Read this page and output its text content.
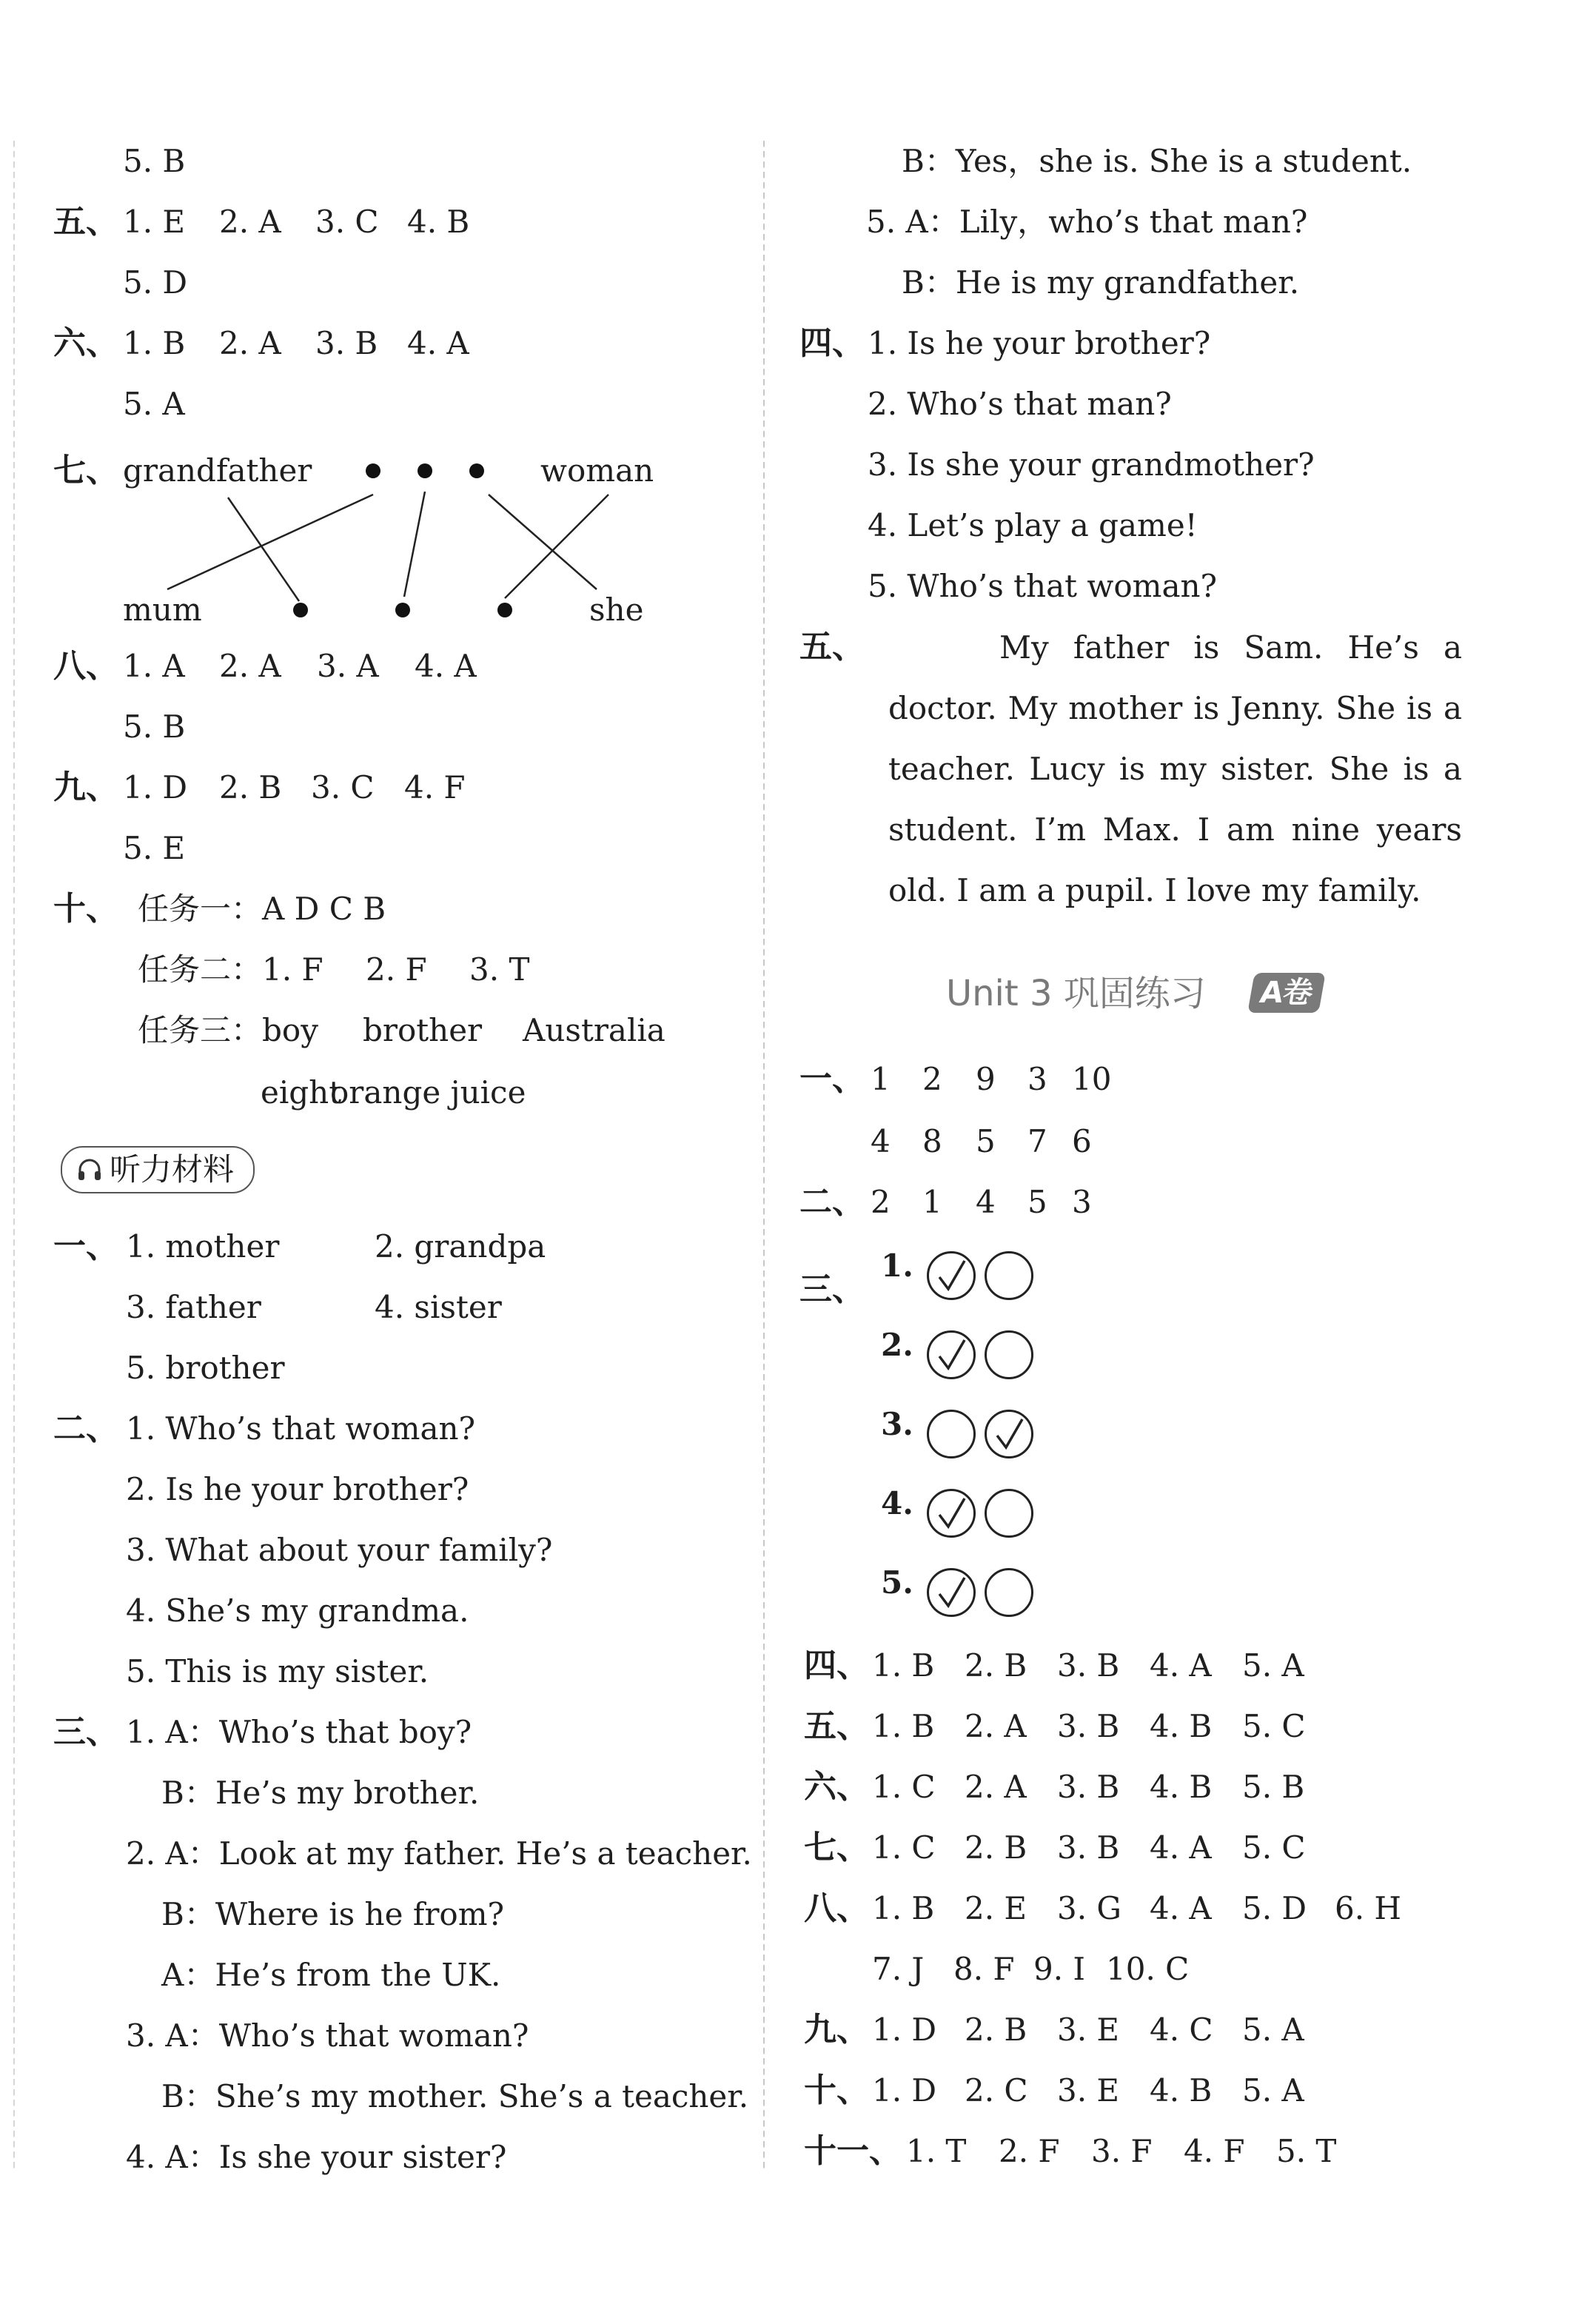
5. B
五、 1. E 2. A 3. C 4. B
5. D
六、 1. B 2. A 3. B 4. A
5. A
七、 grandfather	woman
mum	she
八、 1. A 2. A 3. A 4. A
5. B
九、 1. D 2. B 3. C 4. F
5. E
十、 任务一：A D C B
任务二：1. F 2. F 3. T
任务三：boy brother Australia
eightorange juice
听力材料
一、 1. mother	2. grandpa
3. father	4. sister
5. brother
二、 1. Who’s that woman?
2. Is he your brother?
3. What about your family?
4. She’s my grandma.
5. This is my sister.
三、 1. A：Who’s that boy?
B：He’s my brother.
2. A：Look at my father. He’s a teacher.
B：Where is he from?
A：He’s from the UK.
3. A：Who’s that woman?
B：She’s my mother. She’s a teacher.
4. A：Is she your sister?
B：Yes，she is. She is a student.
5. A：Lily，who’s that man?
B：He is my grandfather.
四、 1. Is he your brother?
2. Who’s that man?
3. Is she your grandmother?
4. Let’s play a game!
5. Who’s that woman?
五、	My father is Sam. He’s a
doctor. My mother is Jenny. She is a
teacher. Lucy is my sister. She is a
student. I’m Max. I am nine years
old. I am a pupil. I love my family.
Unit 3 巩固练习	A卷
一、 1 2 9 3 10
4 8 5 7 6
二、 2 1 4 5 3
三、
1.
2.
3.
4.
5.
四、 1. B 2. B 3. B 4. A 5. A
五、 1. B 2. A 3. B 4. B 5. C
六、 1. C 2. A 3. B 4. B 5. B
七、 1. C 2. B 3. B 4. A 5. C
八、 1. B 2. E 3. G 4. A 5. D 6. H
7. J 8. F 9. I 10. C
九、 1. D 2. B 3. E 4. C 5. A
十、 1. D 2. C 3. E 4. B 5. A
十一、 1. T 2. F 3. F 4. F 5. T
